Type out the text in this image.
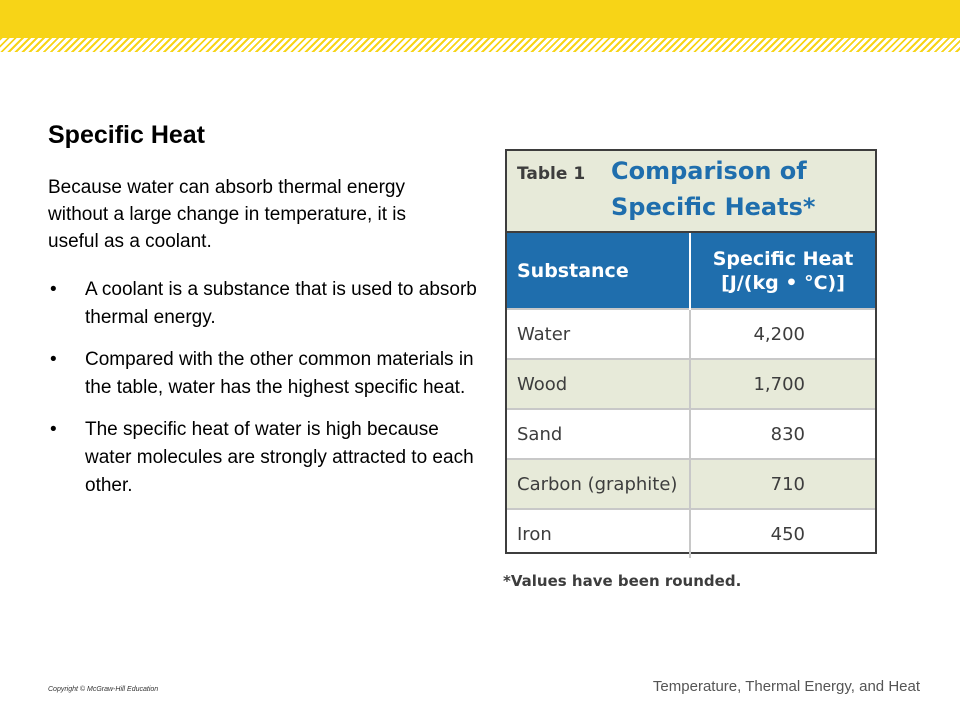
Specific Heat

Because water can absorb thermal energy without a large change in temperature, it is useful as a coolant.

• A coolant is a substance that is used to absorb thermal energy.
• Compared with the other common materials in the table, water has the highest specific heat.
• The specific heat of water is high because water molecules are strongly attracted to each other.
Table 1 Comparison of Specific Heats*
Substance	Specific Heat [J/(kg • °C)]
Water	4,200
Wood	1,700
Sand	830
Carbon (graphite)	710
Iron	450
*Values have been rounded.
Copyright © McGraw-Hill Education	Temperature, Thermal Energy, and Heat
